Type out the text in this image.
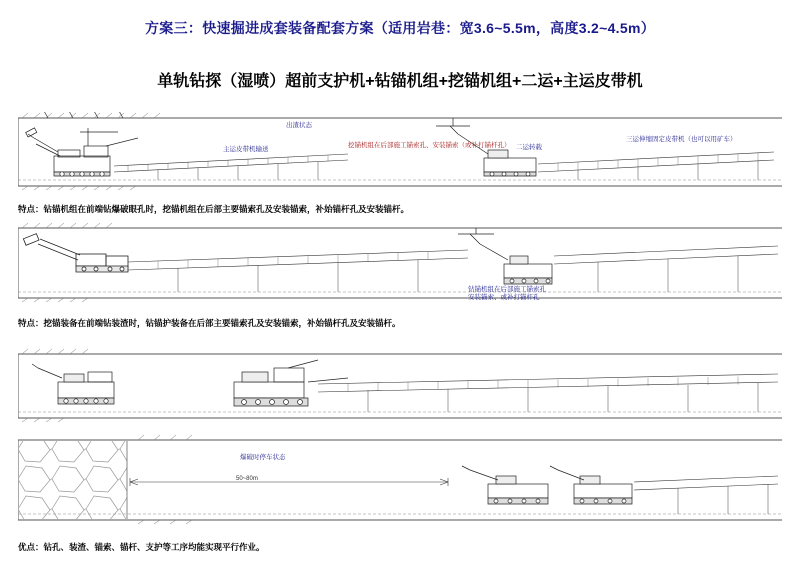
方案三：快速掘进成套装备配套方案（适用岩巷：宽3.6~5.5m，高度3.2~4.5m）
单轨钻探（湿喷）超前支护机+钻锚机组+挖锚机组+二运+主运皮带机
出渣状态
挖锚机组在后部施工锚索孔、安装锚索（或补打锚杆孔）
主运皮带机输送	二运转载
三运伸缩固定皮带机（也可以用矿车）
特点：钻锚机组在前端钻爆破眼孔时，挖锚机组在后部主要锚索孔及安装锚索，补始锚杆孔及安装锚杆。
钻锚机组在后部施工锚索孔
安装锚索、或补打锚杆孔
特点：挖锚装备在前端钻装渣时，钻锚护装备在后部主要锚索孔及安装锚索，补始锚杆孔及安装锚杆。
爆破时停车状态
50~80m
优点：钻孔、装渣、锚索、锚杆、支护等工序均能实现平行作业。
